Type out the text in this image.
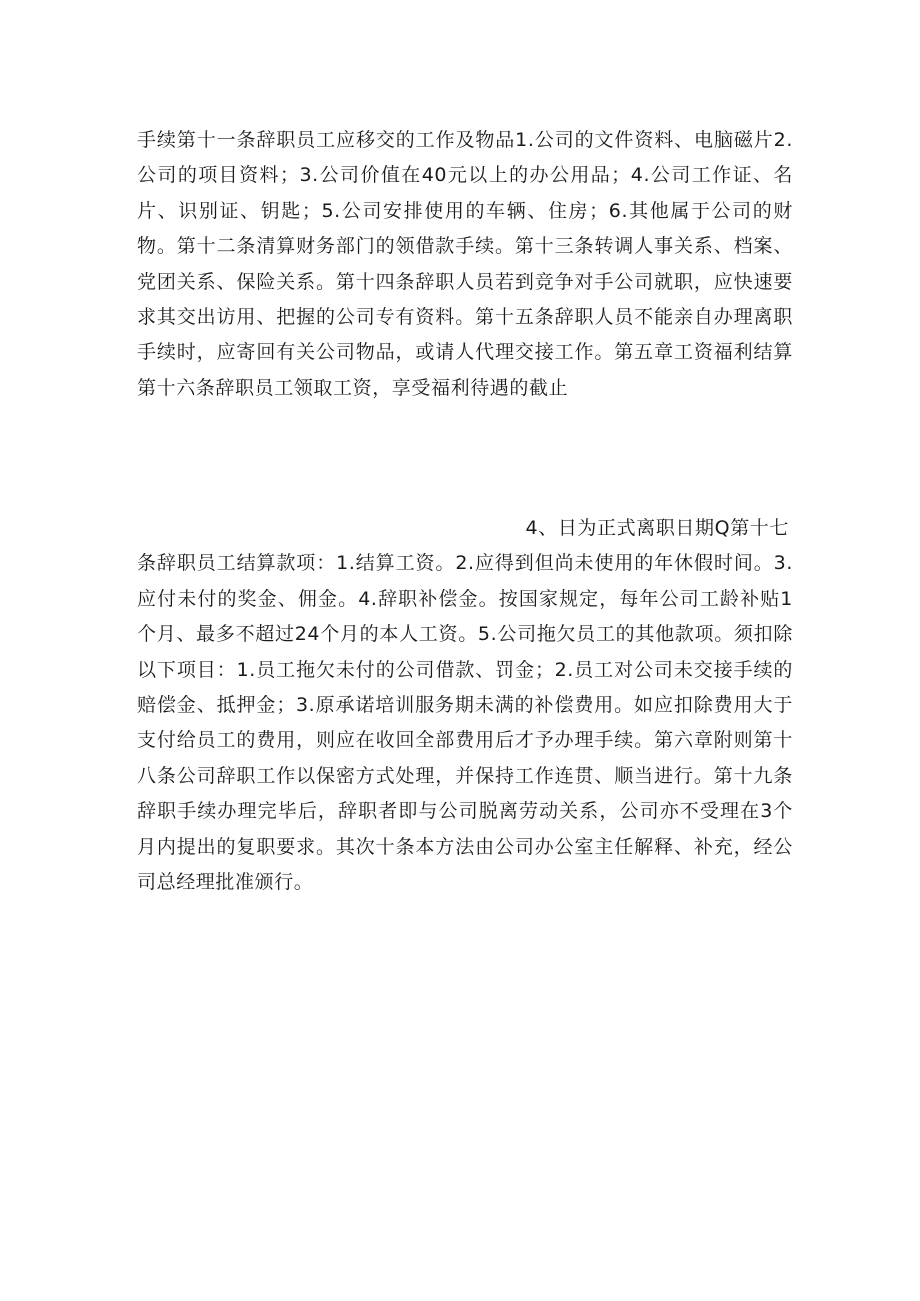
手续第十一条辞职员工应移交的工作及物品1.公司的文件资料、电脑磁片2.公司的项目资料；3.公司价值在40元以上的办公用品；4.公司工作证、名片、识别证、钥匙；5.公司安排使用的车辆、住房；6.其他属于公司的财物。第十二条清算财务部门的领借款手续。第十三条转调人事关系、档案、党团关系、保险关系。第十四条辞职人员若到竞争对手公司就职，应快速要求其交出访用、把握的公司专有资料。第十五条辞职人员不能亲自办理离职手续时，应寄回有关公司物品，或请人代理交接工作。第五章工资福利结算第十六条辞职员工领取工资，享受福利待遇的截止

4、日为正式离职日期Q第十七

条辞职员工结算款项：1.结算工资。2.应得到但尚未使用的年休假时间。3.应付未付的奖金、佣金。4.辞职补偿金。按国家规定，每年公司工龄补贴1个月、最多不超过24个月的本人工资。5.公司拖欠员工的其他款项。须扣除以下项目：1.员工拖欠未付的公司借款、罚金；2.员工对公司未交接手续的赔偿金、抵押金；3.原承诺培训服务期未满的补偿费用。如应扣除费用大于支付给员工的费用，则应在收回全部费用后才予办理手续。第六章附则第十八条公司辞职工作以保密方式处理，并保持工作连贯、顺当进行。第十九条辞职手续办理完毕后，辞职者即与公司脱离劳动关系，公司亦不受理在3个月内提出的复职要求。其次十条本方法由公司办公室主任解释、补充，经公司总经理批准颁行。
